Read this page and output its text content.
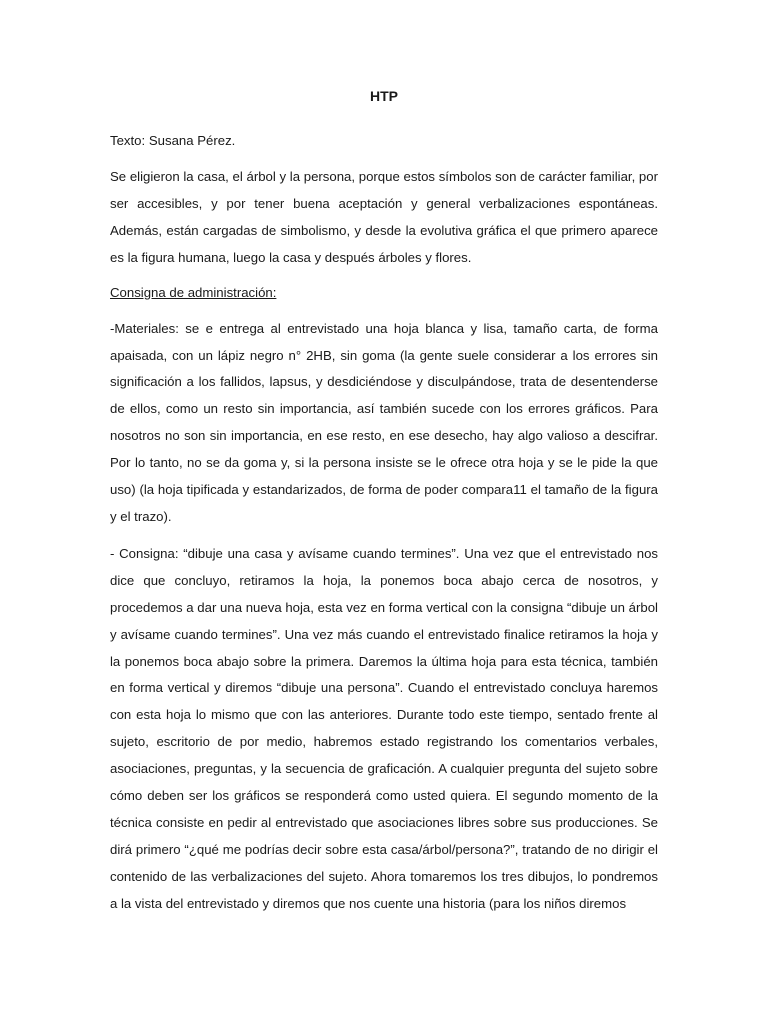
HTP
Texto: Susana Pérez.
Se eligieron la casa, el árbol y la persona, porque estos símbolos son de carácter familiar, por ser accesibles, y por tener buena aceptación y general verbalizaciones espontáneas. Además, están cargadas de simbolismo, y desde la evolutiva gráfica el que primero aparece es la figura humana, luego la casa y después árboles y flores.
Consigna de administración:
-Materiales: se e entrega al entrevistado una hoja blanca y lisa, tamaño carta, de forma apaisada, con un lápiz negro n° 2HB, sin goma (la gente suele considerar a los errores sin significación a los fallidos, lapsus, y desdiciéndose y disculpándose, trata de desentenderse de ellos, como un resto sin importancia, así también sucede con los errores gráficos. Para nosotros no son sin importancia, en ese resto, en ese desecho, hay algo valioso a descifrar. Por lo tanto, no se da goma y, si la persona insiste se le ofrece otra hoja y se le pide la que uso) (la hoja tipificada y estandarizados, de forma de poder compara11 el tamaño de la figura y el trazo).
- Consigna: “dibuje una casa y avísame cuando termines”. Una vez que el entrevistado nos dice que concluyo, retiramos la hoja, la ponemos boca abajo cerca de nosotros, y procedemos a dar una nueva hoja, esta vez en forma vertical con la consigna “dibuje un árbol y avísame cuando termines”. Una vez más cuando el entrevistado finalice retiramos la hoja y la ponemos boca abajo sobre la primera. Daremos la última hoja para esta técnica, también en forma vertical y diremos “dibuje una persona”. Cuando el entrevistado concluya haremos con esta hoja lo mismo que con las anteriores. Durante todo este tiempo, sentado frente al sujeto, escritorio de por medio, habremos estado registrando los comentarios verbales, asociaciones, preguntas, y la secuencia de graficación. A cualquier pregunta del sujeto sobre cómo deben ser los gráficos se responderá como usted quiera. El segundo momento de la técnica consiste en pedir al entrevistado que asociaciones libres sobre sus producciones. Se dirá primero “¿qué me podrías decir sobre esta casa/árbol/persona?”, tratando de no dirigir el contenido de las verbalizaciones del sujeto. Ahora tomaremos los tres dibujos, lo pondremos a la vista del entrevistado y diremos que nos cuente una historia (para los niños diremos
